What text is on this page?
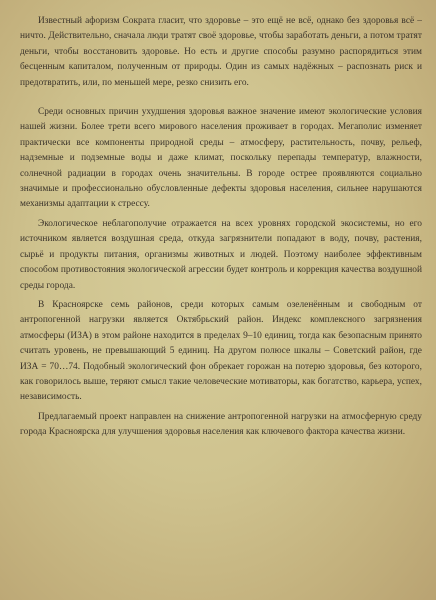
Известный афоризм Сократа гласит, что здоровье – это ещё не всё, однако без здоровья всё – ничто. Действительно, сначала люди тратят своё здоровье, чтобы заработать деньги, а потом тратят деньги, чтобы восстановить здоровье. Но есть и другие способы разумно распорядиться этим бесценным капиталом, полученным от природы. Один из самых надёжных – распознать риск и предотвратить, или, по меньшей мере, резко снизить его.

Среди основных причин ухудшения здоровья важное значение имеют экологические условия нашей жизни. Более трети всего мирового населения проживает в городах. Мегаполис изменяет практически все компоненты природной среды – атмосферу, растительность, почву, рельеф, надземные и подземные воды и даже климат, поскольку перепады температур, влажности, солнечной радиации в городах очень значительны. В городе острее проявляются социально значимые и профессионально обусловленные дефекты здоровья населения, сильнее нарушаются механизмы адаптации к стрессу.

Экологическое неблагополучие отражается на всех уровнях городской экосистемы, но его источником является воздушная среда, откуда загрязнители попадают в воду, почву, растения, сырьё и продукты питания, организмы животных и людей. Поэтому наиболее эффективным способом противостояния экологической агрессии будет контроль и коррекция качества воздушной среды города.

В Красноярске семь районов, среди которых самым озеленённым и свободным от антропогенной нагрузки является Октябрьский район. Индекс комплексного загрязнения атмосферы (ИЗА) в этом районе находится в пределах 9–10 единиц, тогда как безопасным принято считать уровень, не превышающий 5 единиц. На другом полюсе шкалы – Советский район, где ИЗА = 70…74. Подобный экологический фон обрекает горожан на потерю здоровья, без которого, как говорилось выше, теряют смысл такие человеческие мотиваторы, как богатство, карьера, успех, независимость.

Предлагаемый проект направлен на снижение антропогенной нагрузки на атмосферную среду города Красноярска для улучшения здоровья населения как ключевого фактора качества жизни.
